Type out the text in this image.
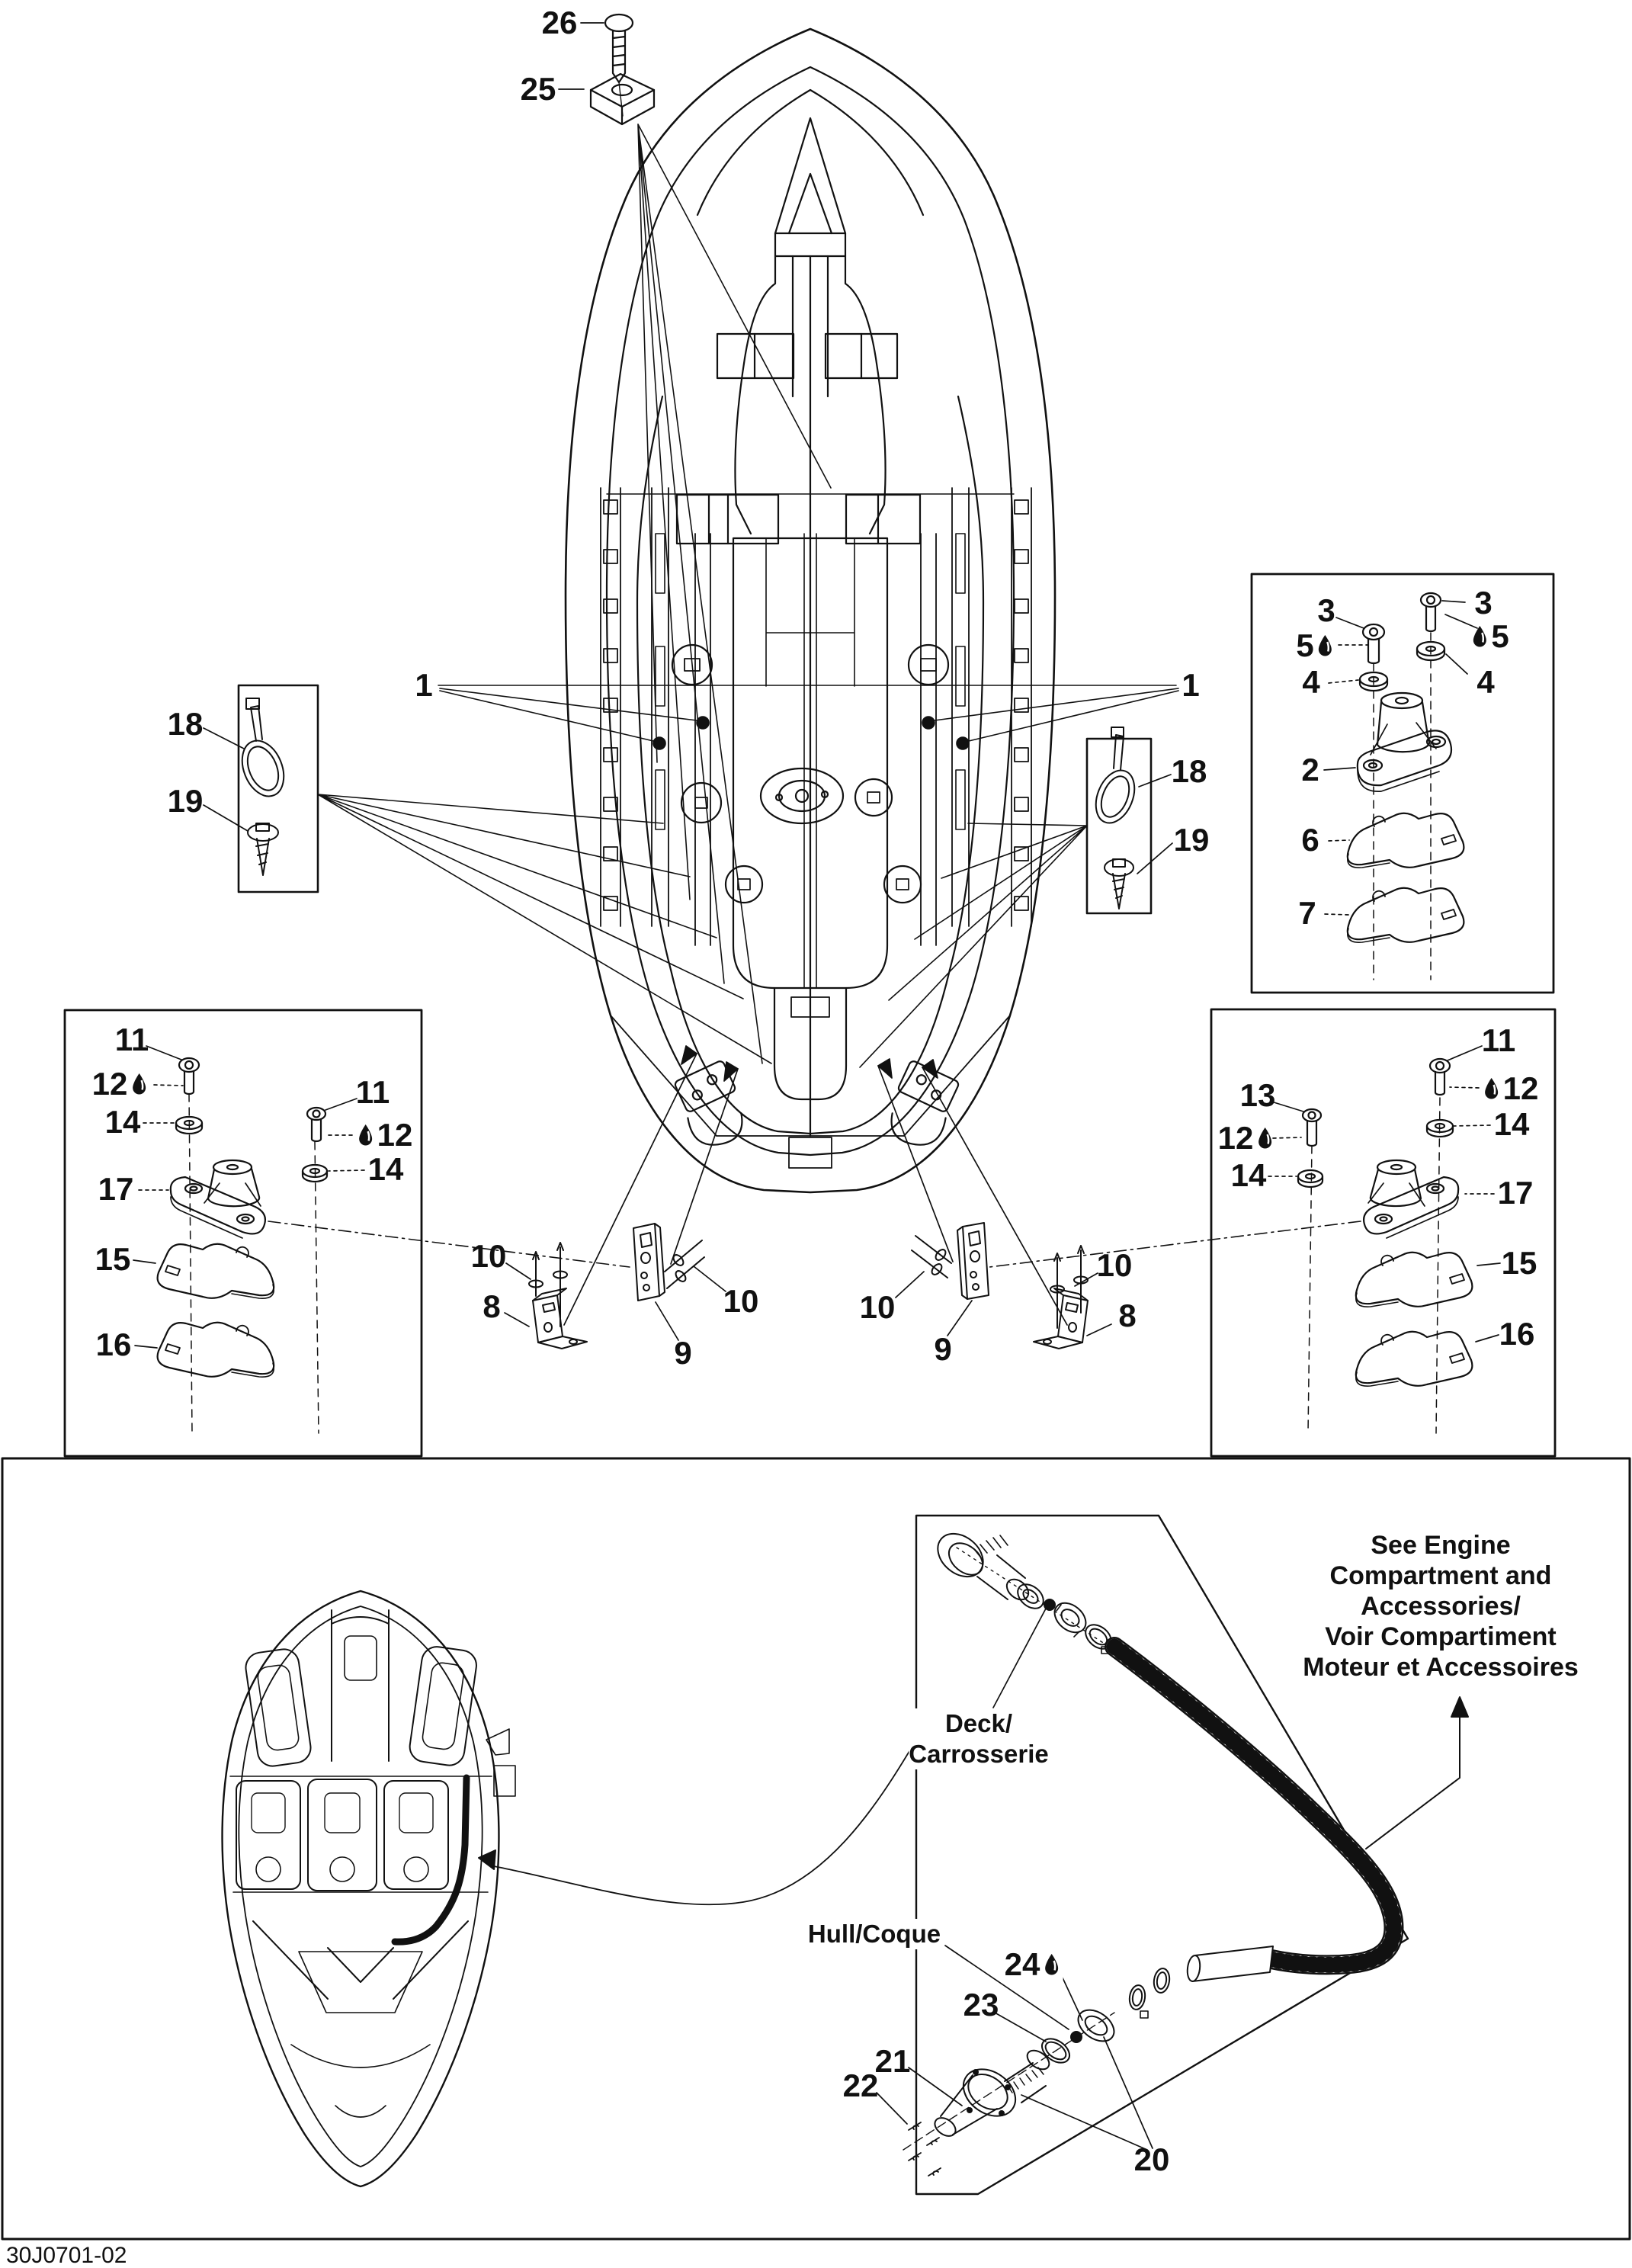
26
25
1	1
18
19
18
19
3	3
5	5
4	4
2
6
7
11
12
14
11
12
14
17
15
16
13
12
14
11
12
14
17
15
16
10
8
9
10	10
9
10
8
See Engine
Compartment and
Accessories/
Voir Compartiment
Moteur et Accessoires
Deck/
Carrosserie
Hull/Coque
24
23
21
22
20
30J0701-02
